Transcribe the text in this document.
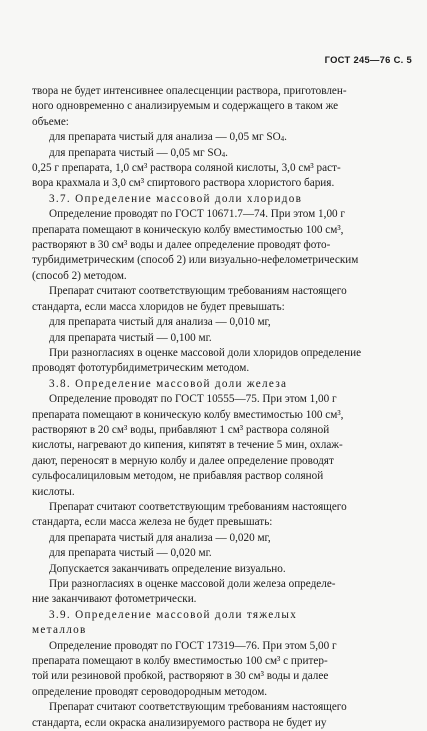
ГОСТ 245—76 С. 5

твора не будет интенсивнее опалесценции раствора, приготовлен-

ного одновременно с анализируемым и содержащего в таком же

объеме:

для препарата чистый для анализа — 0,05 мг $SO_4$.

для препарата чистый — 0,05 мг $SO_4$.

0,25 г препарата, 1,0 см³ раствора соляной кислоты, 3,0 см³ раст-

вора крахмала и 3,0 см³ спиртового раствора хлористого бария.

3.7. Определение массовой доли хлоридов

Определение проводят по ГОСТ 10671.7—74. При этом 1,00 г

препарата помещают в коническую колбу вместимостью 100 см³,

растворяют в 30 см³ воды и далее определение проводят фото-

турбидиметрическим (способ 2) или визуально-нефелометрическим

(способ 2) методом.

Препарат считают соответствующим требованиям настоящего

стандарта, если масса хлоридов не будет превышать:

для препарата чистый для анализа — 0,010 мг,

для препарата чистый — 0,100 мг.

При разногласиях в оценке массовой доли хлоридов определение

проводят фототурбидиметрическим методом.

3.8. Определение массовой доли железа

Определение проводят по ГОСТ 10555—75. При этом 1,00 г

препарата помещают в коническую колбу вместимостью 100 см³,

растворяют в 20 см³ воды, прибавляют 1 см³ раствора соляной

кислоты, нагревают до кипения, кипятят в течение 5 мин, охлаж-

дают, переносят в мерную колбу и далее определение проводят

сульфосалициловым методом, не прибавляя раствор соляной

кислоты.

Препарат считают соответствующим требованиям настоящего

стандарта, если масса железа не будет превышать:

для препарата чистый для анализа — 0,020 мг,

для препарата чистый — 0,020 мг.

Допускается заканчивать определение визуально.

При разногласиях в оценке массовой доли железа определе-

ние заканчивают фотометрически.

3.9. Определение массовой доли тяжелых

металлов

Определение проводят по ГОСТ 17319—76. При этом 5,00 г

препарата помещают в колбу вместимостью 100 см³ с притер-

той или резиновой пробкой, растворяют в 30 см³ воды и далее

определение проводят сероводородным методом.

Препарат считают соответствующим требованиям настоящего

стандарта, если окраска анализируемого раствора не будет иу
